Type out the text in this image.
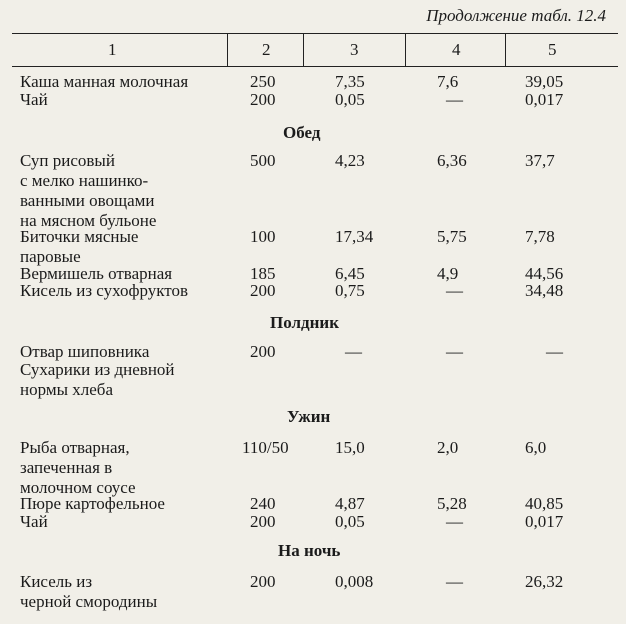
Продолжение табл. 12.4
1	2	3	4	5
Каша манная молочная	250	7,35	7,6	39,05
Чай	200	0,05	—	0,017
Обед
Суп рисовый
с мелко нашинко-
ванными овощами
на мясном бульоне
500	4,23	6,36	37,7
Биточки мясные
паровые
100	17,34	5,75	7,78
Вермишель отварная	185	6,45	4,9	44,56
Кисель из сухофруктов	200	0,75	—	34,48
Полдник
Отвар шиповника	200	—	—	—
Сухарики из дневной
нормы хлеба
Ужин
Рыба отварная,
запеченная в
молочном соусе
110/50	15,0	2,0	6,0
Пюре картофельное	240	4,87	5,28	40,85
Чай	200	0,05	—	0,017
На ночь
Кисель из
черной смородины
200	0,008	—	26,32
